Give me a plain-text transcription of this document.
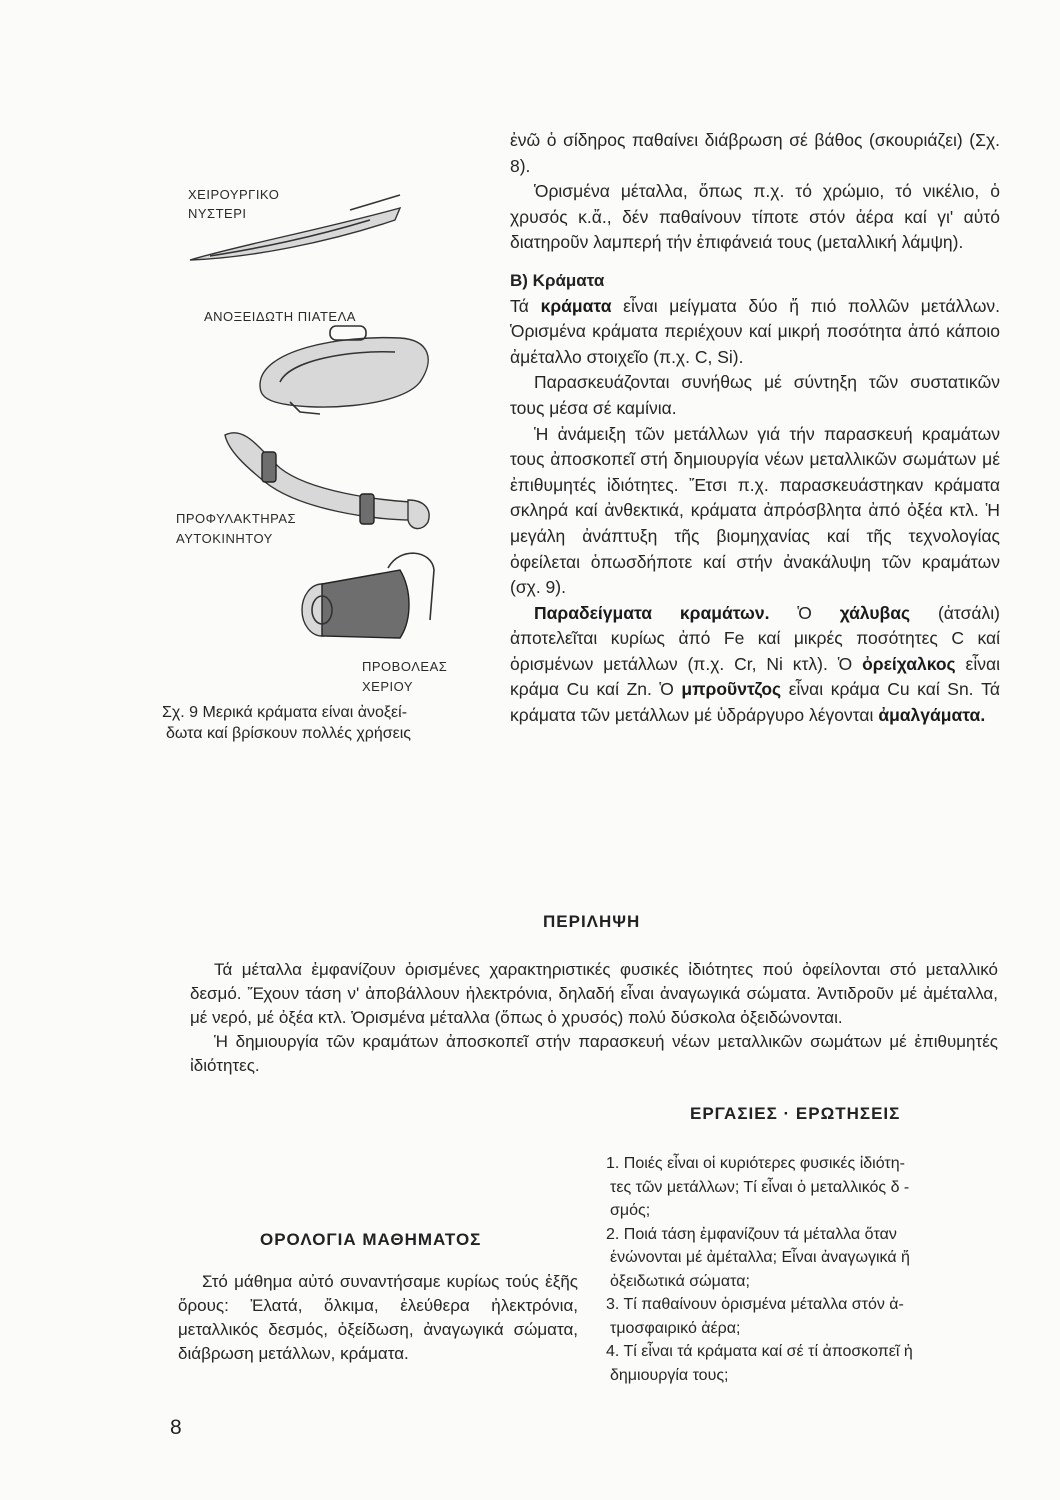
ΧΕΙΡΟΥΡΓΙΚΟ
ΝΥΣΤΕΡΙ
ΑΝΟΞΕΙΔΩΤΗ ΠΙΑΤΕΛΑ
ΠΡΟΦΥΛΑΚΤΗΡΑΣ
ΑΥΤΟΚΙΝΗΤΟΥ
ΠΡΟΒΟΛΕΑΣ
ΧΕΡΙΟΥ
Σχ. 9 Μερικά κράματα είναι ἀνοξεί-
δωτα καί βρίσκουν πολλές χρήσεις

ἐνῶ ὁ σίδηρος παθαίνει διάβρωση σέ βάθος (σκουριάζει) (Σχ. 8).

Ὁρισμένα μέταλλα, ὅπως π.χ. τό χρώμιο, τό νικέλιο, ὁ χρυσός κ.ἄ., δέν παθαίνουν τίποτε στόν ἀέρα καί γι' αὐτό διατηροῦν λαμπερή τήν ἐπιφάνειά τους (μεταλλική λάμψη).

Β) Κράματα

Τά κράματα εἶναι μείγματα δύο ἤ πιό πολλῶν μετάλλων. Ὁρισμένα κράματα περιέχουν καί μικρή ποσότητα ἀπό κάποιο ἀμέταλλο στοιχεῖο (π.χ. C, Si).

Παρασκευάζονται συνήθως μέ σύντηξη τῶν συστατικῶν τους μέσα σέ καμίνια.

Ἡ ἀνάμειξη τῶν μετάλλων γιά τήν παρασκευή κραμάτων τους ἀποσκοπεῖ στή δημιουργία νέων μεταλλικῶν σωμάτων μέ ἐπιθυμητές ἰδιότητες. Ἔτσι π.χ. παρασκευάστηκαν κράματα σκληρά καί ἀνθεκτικά, κράματα ἀπρόσβλητα ἀπό ὀξέα κτλ. Ἡ μεγάλη ἀνάπτυξη τῆς βιομηχανίας καί τῆς τεχνολογίας ὀφείλεται ὁπωσδήποτε καί στήν ἀνακάλυψη τῶν κραμάτων (σχ. 9).

Παραδείγματα κραμάτων. Ὁ χάλυβας (ἀτσάλι) ἀποτελεῖται κυρίως ἀπό Fe καί μικρές ποσότητες C καί ὁρισμένων μετάλλων (π.χ. Cr, Ni κτλ). Ὁ ὀρείχαλκος εἶναι κράμα Cu καί Zn. Ὁ μπροῦντζος εἶναι κράμα Cu καί Sn. Τά κράματα τῶν μετάλλων μέ ὑδράργυρο λέγονται ἀμαλγάματα.

ΠΕΡΙΛΗΨΗ

Τά μέταλλα ἐμφανίζουν ὁρισμένες χαρακτηριστικές φυσικές ἰδιότητες πού ὀφείλονται στό μεταλλικό δεσμό. Ἔχουν τάση ν' ἀποβάλλουν ἠλεκτρόνια, δηλαδή εἶναι ἀναγωγικά σώματα. Ἀντιδροῦν μέ ἀμέταλλα, μέ νερό, μέ ὀξέα κτλ. Ὁρισμένα μέταλλα (ὅπως ὁ χρυσός) πολύ δύσκολα ὀξειδώνονται.

Ἡ δημιουργία τῶν κραμάτων ἀποσκοπεῖ στήν παρασκευή νέων μεταλλικῶν σωμάτων μέ ἐπιθυμητές ἰδιότητες.

ΕΡΓΑΣΙΕΣ · ΕΡΩΤΗΣΕΙΣ
1. Ποιές εἶναι οἱ κυριότερες φυσικές ἰδιότη-
τες τῶν μετάλλων; Τί εἶναι ὁ μεταλλικός δ -
σμός;
2. Ποιά τάση ἐμφανίζουν τά μέταλλα ὅταν
ἑνώνονται μέ ἀμέταλλα; Εἶναι ἀναγωγικά ἤ
ὀξειδωτικά σώματα;
3. Τί παθαίνουν ὁρισμένα μέταλλα στόν ἀ-
τμοσφαιρικό ἀέρα;
4. Τί εἶναι τά κράματα καί σέ τί ἀποσκοπεῖ ἡ
δημιουργία τους;
ΟΡΟΛΟΓΙΑ ΜΑΘΗΜΑΤΟΣ

Στό μάθημα αὐτό συναντήσαμε κυρίως τούς ἑξῆς ὅρους: Ἐλατά, ὄλκιμα, ἐλεύθερα ἠλεκτρόνια, μεταλλικός δεσμός, ὀξείδωση, ἀναγωγικά σώματα, διάβρωση μετάλλων, κράματα.

8
